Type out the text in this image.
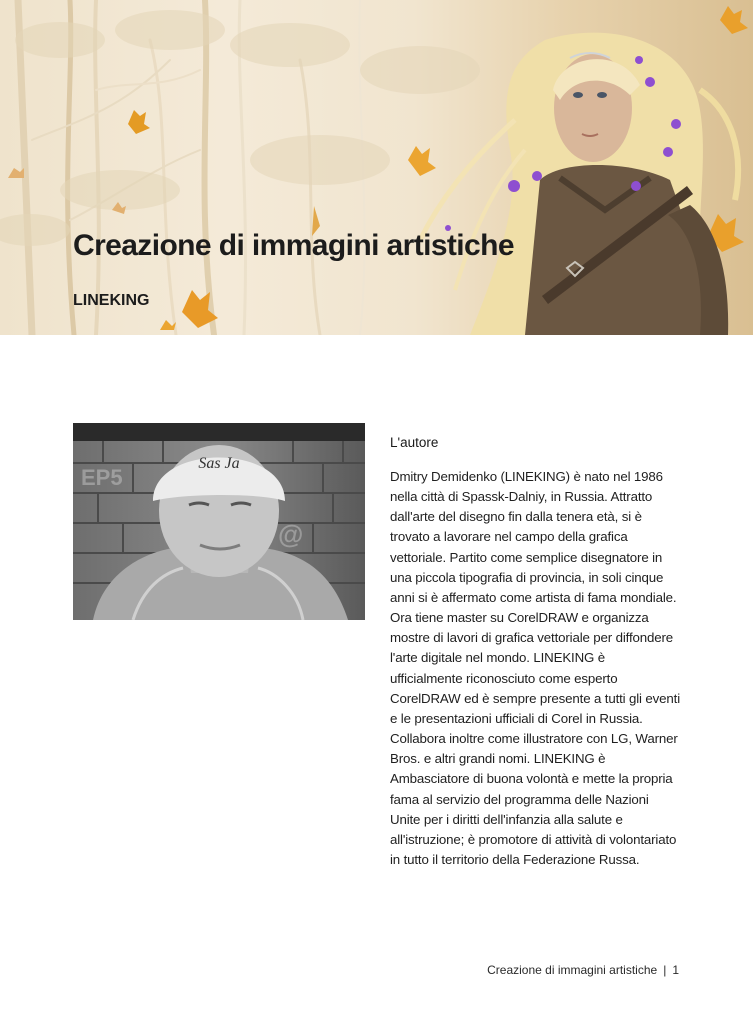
Creazione di immagini artistiche
LINEKING
EP5
@
Sas Ja
L'autore

Dmitry Demidenko (LINEKING) è nato nel 1986 nella città di Spassk-Dalniy, in Russia. Attratto dall'arte del disegno fin dalla tenera età, si è trovato a lavorare nel campo della grafica vettoriale. Partito come semplice disegnatore in una piccola tipografia di provincia, in soli cinque anni si è affermato come artista di fama mondiale. Ora tiene master su CorelDRAW e organizza mostre di lavori di grafica vettoriale per diffondere l'arte digitale nel mondo. LINEKING è ufficialmente riconosciuto come esperto CorelDRAW ed è sempre presente a tutti gli eventi e le presentazioni ufficiali di Corel in Russia. Collabora inoltre come illustratore con LG, Warner Bros. e altri grandi nomi. LINEKING è Ambasciatore di buona volontà e mette la propria fama al servizio del programma delle Nazioni Unite per i diritti dell'infanzia alla salute e all'istruzione; è promotore di attività di volontariato in tutto il territorio della Federazione Russa.

Creazione di immagini artistiche | 1
